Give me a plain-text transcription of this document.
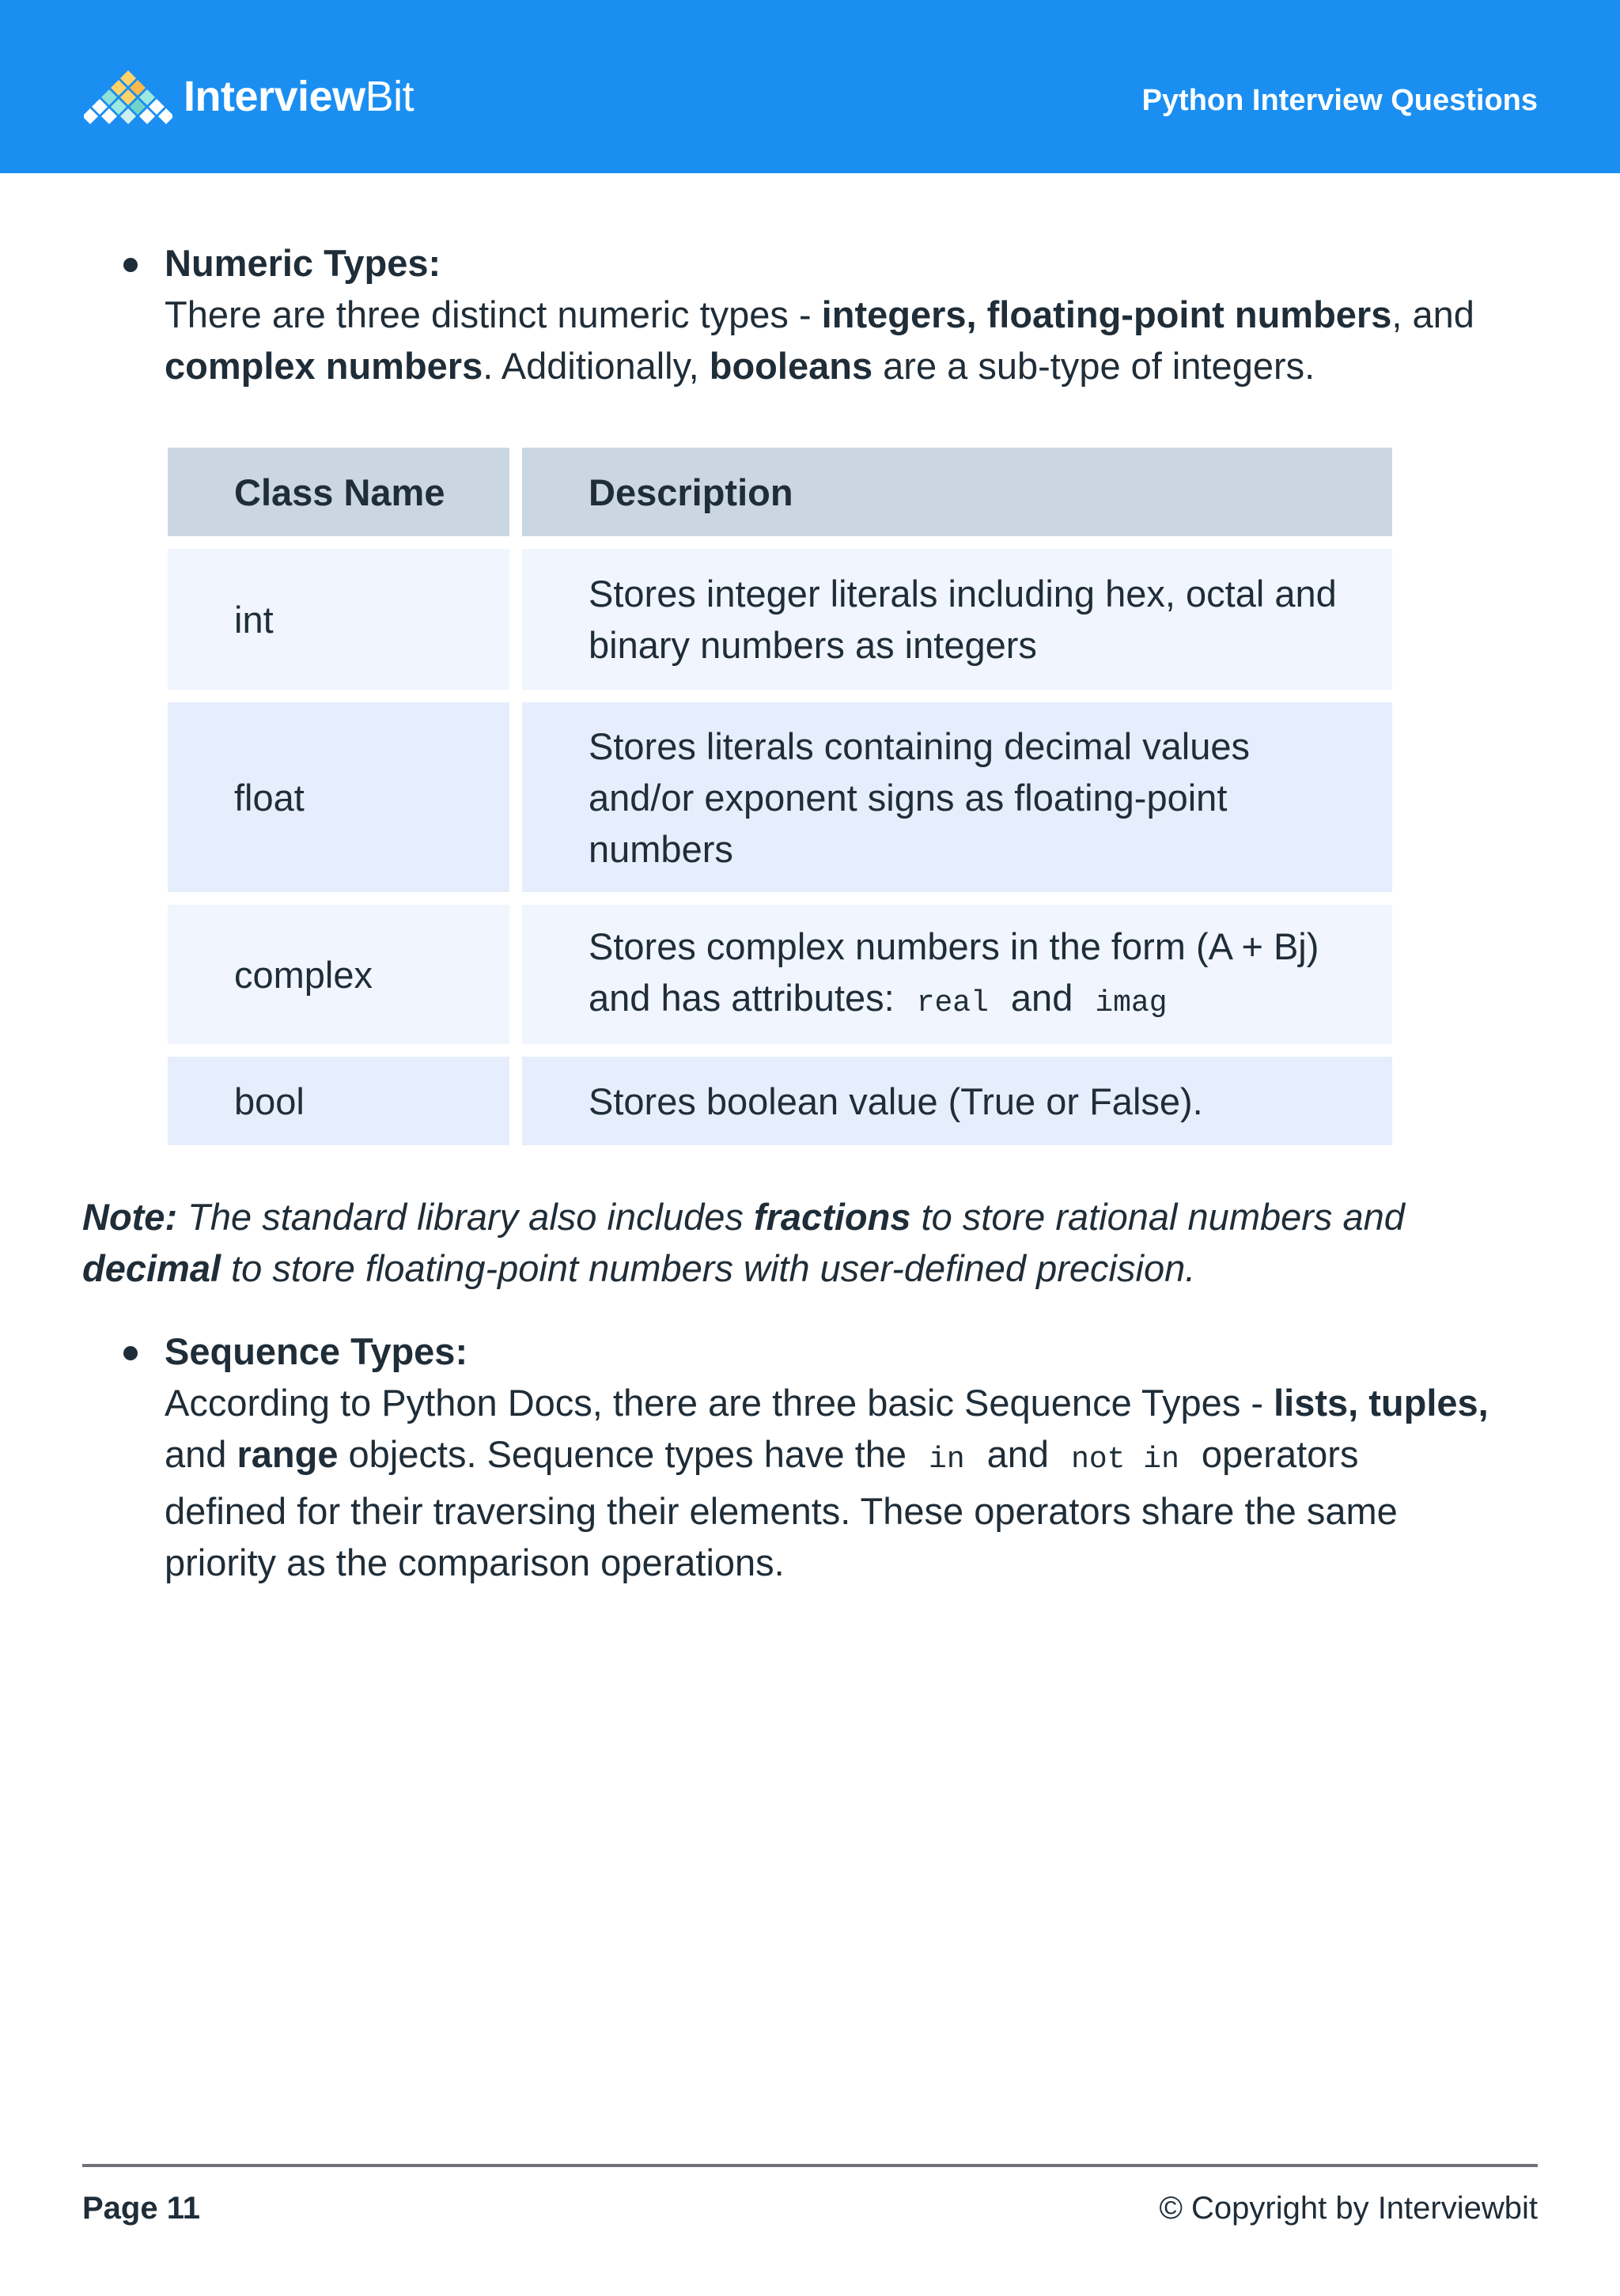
InterviewBit	Python Interview Questions
Numeric Types:
There are three distinct numeric types - integers, floating-point numbers, and
complex numbers. Additionally, booleans are a sub-type of integers.
Class Name	Description
int	Stores integer literals including hex, octal and
binary numbers as integers

float	Stores literals containing decimal values
and/or exponent signs as floating-point
numbers

complex	Stores complex numbers in the form (A + Bj)
and has attributes: real and imag

bool	Stores boolean value (True or False).
Note: The standard library also includes fractions to store rational numbers and
decimal to store floating-point numbers with user-defined precision.
Sequence Types:
According to Python Docs, there are three basic Sequence Types - lists, tuples,
and range objects. Sequence types have the in and not in operators
defined for their traversing their elements. These operators share the same
priority as the comparison operations.
Page 11	© Copyright by Interviewbit
